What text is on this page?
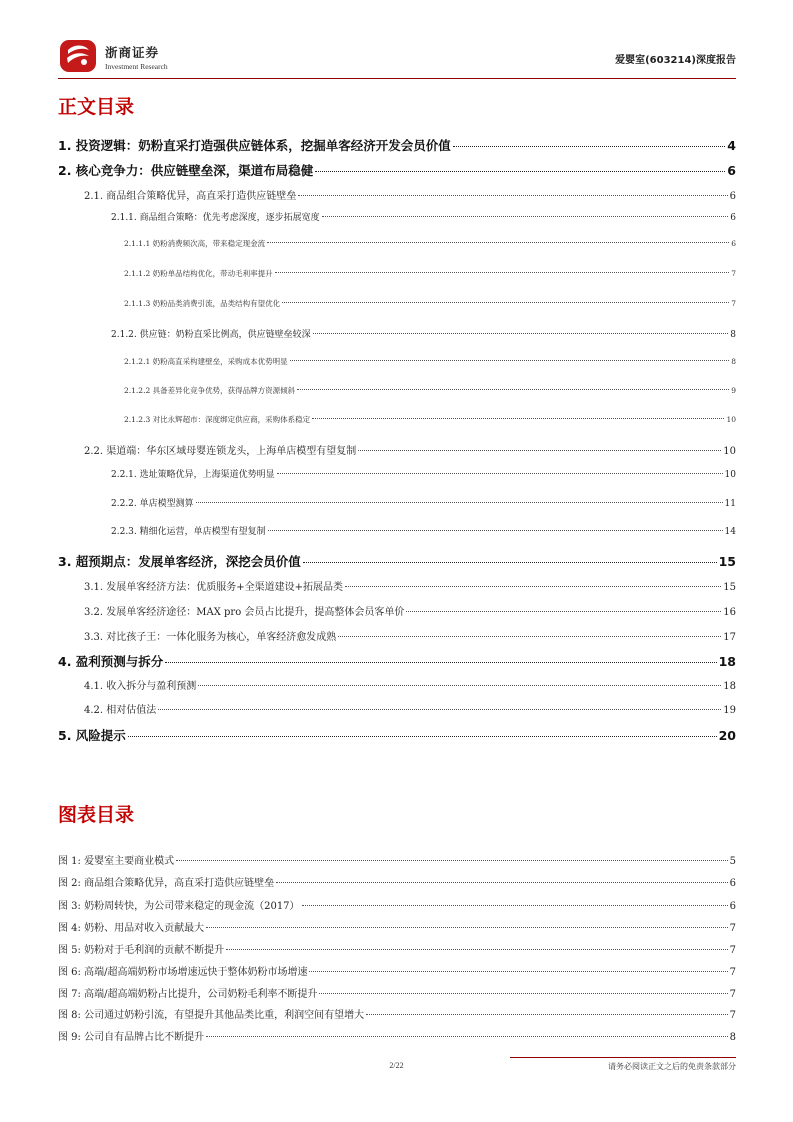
浙商证券
Investment Research
爱婴室(603214)深度报告
正文目录
1. 投资逻辑：奶粉直采打造强供应链体系，挖掘单客经济开发会员价值	4
2. 核心竞争力：供应链壁垒深，渠道布局稳健	6
2.1. 商品组合策略优异，高直采打造供应链壁垒	6
2.1.1. 商品组合策略：优先考虑深度，逐步拓展宽度	6
2.1.1.1 奶粉消费频次高，带来稳定现金流	6
2.1.1.2 奶粉单品结构优化，带动毛利率提升	7
2.1.1.3 奶粉品类消费引流，品类结构有望优化	7
2.1.2. 供应链：奶粉直采比例高，供应链壁垒较深	8
2.1.2.1 奶粉高直采构建壁垒，采购成本优势明显	8
2.1.2.2 具备差异化竞争优势，获得品牌方资源倾斜	9
2.1.2.3 对比永辉超市：深度绑定供应商，采购体系稳定	10
2.2. 渠道端：华东区域母婴连锁龙头，上海单店模型有望复制	10
2.2.1. 选址策略优异，上海渠道优势明显	10
2.2.2. 单店模型测算	11
2.2.3. 精细化运营，单店模型有望复制	14
3. 超预期点：发展单客经济，深挖会员价值	15
3.1. 发展单客经济方法：优质服务+全渠道建设+拓展品类	15
3.2. 发展单客经济途径：MAX pro 会员占比提升，提高整体会员客单价	16
3.3. 对比孩子王：一体化服务为核心，单客经济愈发成熟	17
4. 盈利预测与拆分	18
4.1. 收入拆分与盈利预测	18
4.2. 相对估值法	19
5. 风险提示	20
图表目录
图 1: 爱婴室主要商业模式	5
图 2: 商品组合策略优异，高直采打造供应链壁垒	6
图 3: 奶粉周转快，为公司带来稳定的现金流（2017）	6
图 4: 奶粉、用品对收入贡献最大	7
图 5: 奶粉对于毛利润的贡献不断提升	7
图 6: 高端/超高端奶粉市场增速远快于整体奶粉市场增速	7
图 7: 高端/超高端奶粉占比提升，公司奶粉毛利率不断提升	7
图 8: 公司通过奶粉引流，有望提升其他品类比重，利润空间有望增大	7
图 9: 公司自有品牌占比不断提升	8
2/22	请务必阅读正文之后的免责条款部分
